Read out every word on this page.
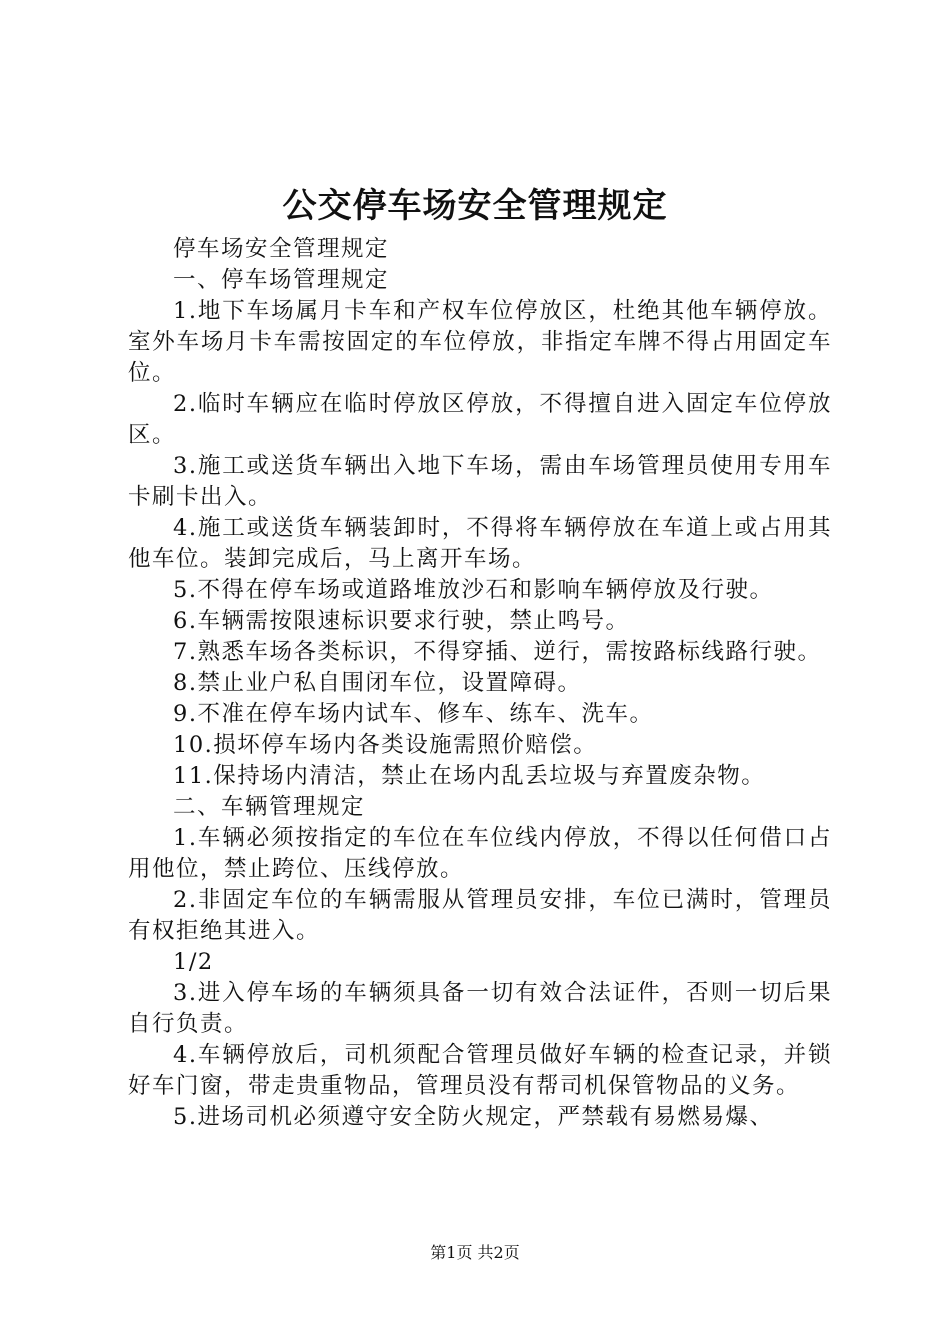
公交停车场安全管理规定

停车场安全管理规定

一、停车场管理规定

1.地下车场属月卡车和产权车位停放区，杜绝其他车辆停放。室外车场月卡车需按固定的车位停放，非指定车牌不得占用固定车位。

2.临时车辆应在临时停放区停放，不得擅自进入固定车位停放区。

3.施工或送货车辆出入地下车场，需由车场管理员使用专用车卡刷卡出入。

4.施工或送货车辆装卸时，不得将车辆停放在车道上或占用其他车位。装卸完成后，马上离开车场。

5.不得在停车场或道路堆放沙石和影响车辆停放及行驶。

6.车辆需按限速标识要求行驶，禁止鸣号。

7.熟悉车场各类标识，不得穿插、逆行，需按路标线路行驶。

8.禁止业户私自围闭车位，设置障碍。

9.不准在停车场内试车、修车、练车、洗车。

10.损坏停车场内各类设施需照价赔偿。

11.保持场内清洁，禁止在场内乱丢垃圾与弃置废杂物。

二、车辆管理规定

1.车辆必须按指定的车位在车位线内停放，不得以任何借口占用他位，禁止跨位、压线停放。

2.非固定车位的车辆需服从管理员安排，车位已满时，管理员有权拒绝其进入。

1/2

3.进入停车场的车辆须具备一切有效合法证件，否则一切后果自行负责。

4.车辆停放后，司机须配合管理员做好车辆的检查记录，并锁好车门窗，带走贵重物品，管理员没有帮司机保管物品的义务。

5.进场司机必须遵守安全防火规定，严禁载有易燃易爆、

第1页 共2页
